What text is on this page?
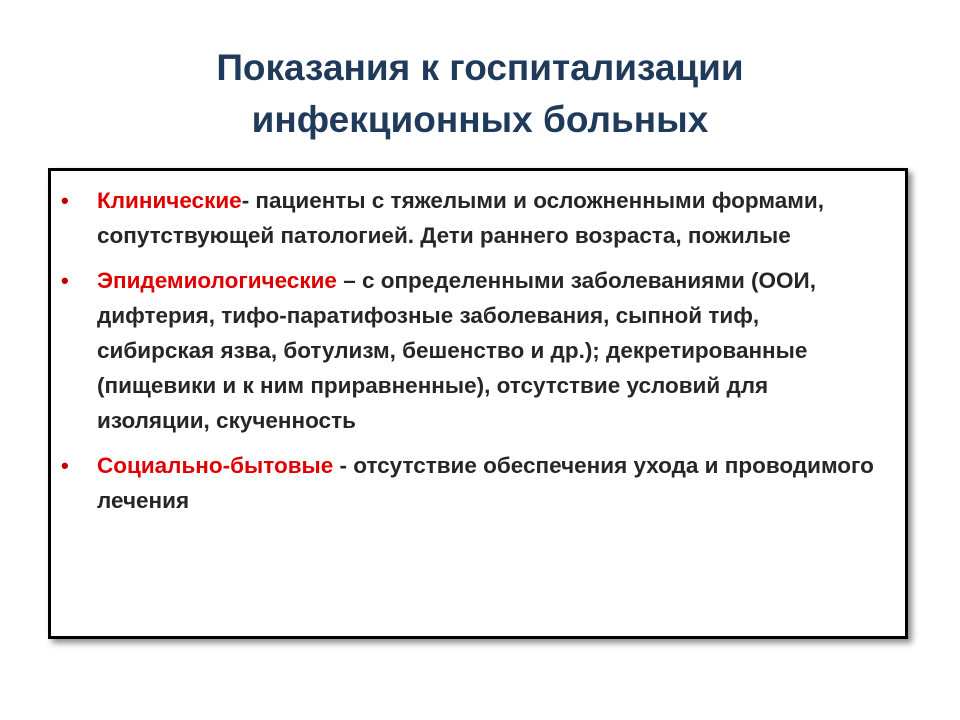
Показания к госпитализации
инфекционных больных
• Клинические- пациенты с тяжелыми и осложненными формами, сопутствующей патологией. Дети раннего возраста, пожилые
• Эпидемиологические – с определенными заболеваниями (ООИ, дифтерия, тифо-паратифозные заболевания, сыпной тиф, сибирская язва, ботулизм, бешенство и др.); декретированные (пищевики и к ним приравненные), отсутствие условий для изоляции, скученность
• Социально-бытовые - отсутствие обеспечения ухода и проводимого лечения
